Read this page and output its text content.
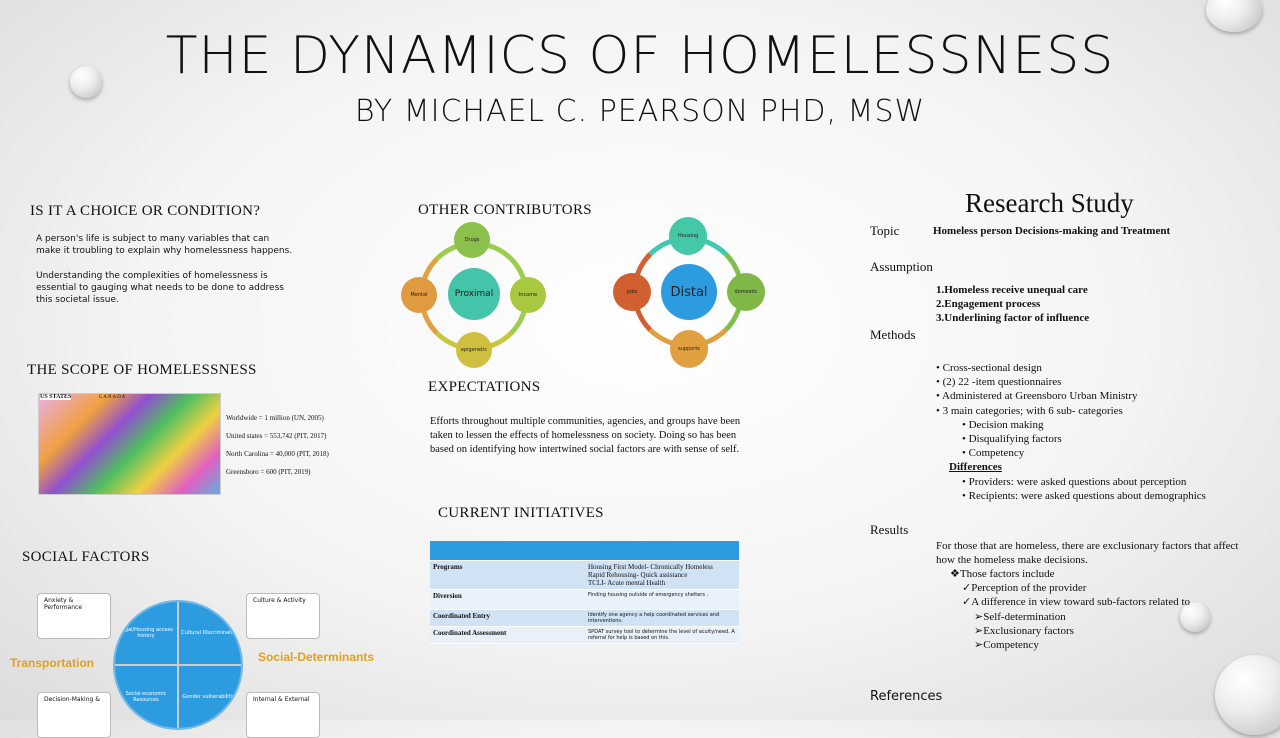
THE DYNAMICS OF HOMELESSNESS
BY MICHAEL C. PEARSON PHD, MSW
IS IT A CHOICE OR CONDITION?
A person's life is subject to many variables that can make it troubling to explain why homelessness happens.
Understanding the complexities of homelessness is essential to gauging what needs to be done to address this societal issue.
THE SCOPE OF HOMELESSNESS
US STATES	C A N A D A
Worldwide = 1 million (UN, 2005)
United states = 553,742 (PIT, 2017)
North Carolina = 40,000 (PIT, 2018)
Greensboro = 600 (PIT, 2019)
SOCIAL FACTORS
Anxiety & Performance
Culture & Activity
Decision-Making &	Internal & External
Legal/Housing access history	Cultural Discrimination
Social-economic Resources	Gender vulnerabilities
Transportation	Social-Determinants
OTHER CONTRIBUTORS
Proximal
Drugs
Income
epigenetic
Mental	Distal
Housing
domestic
supports
jobs
EXPECTATIONS
Efforts throughout multiple communities, agencies, and groups have been taken to lessen the effects of homelessness on society. Doing so has been based on identifying how intertwined social factors are with sense of self.
CURRENT INITIATIVES

Programs	Housing First Model- Chronically Homeless
Rapid Rehousing- Quick assistance
TCLI- Acute mental Health

Diversion	Finding housing outside of emergency shelters .
Coordinated Entry	Identify one agency a help coordinated services and interventions.
Coordinated Assessment	SPDAT survey tool to determine the level of acuity/need. A referral for help is based on this.
Research Study
Topic	Homeless person Decisions-making and Treatment
Assumption
1.Homeless receive unequal care
2.Engagement process
3.Underlining factor of influence
Methods
• Cross-sectional design
• (2) 22 -item questionnaires
• Administered at Greensboro Urban Ministry
• 3 main categories; with 6 sub- categories
• Decision making
• Disqualifying factors
• Competency
Differences
• Providers: were asked questions about perception
• Recipients: were asked questions about demographics
Results
For those that are homeless, there are exclusionary factors that affect how the homeless make decisions.
❖Those factors include
✓Perception of the provider
✓A difference in view toward sub-factors related to
➢Self-determination
➢Exclusionary factors
➢Competency
References
